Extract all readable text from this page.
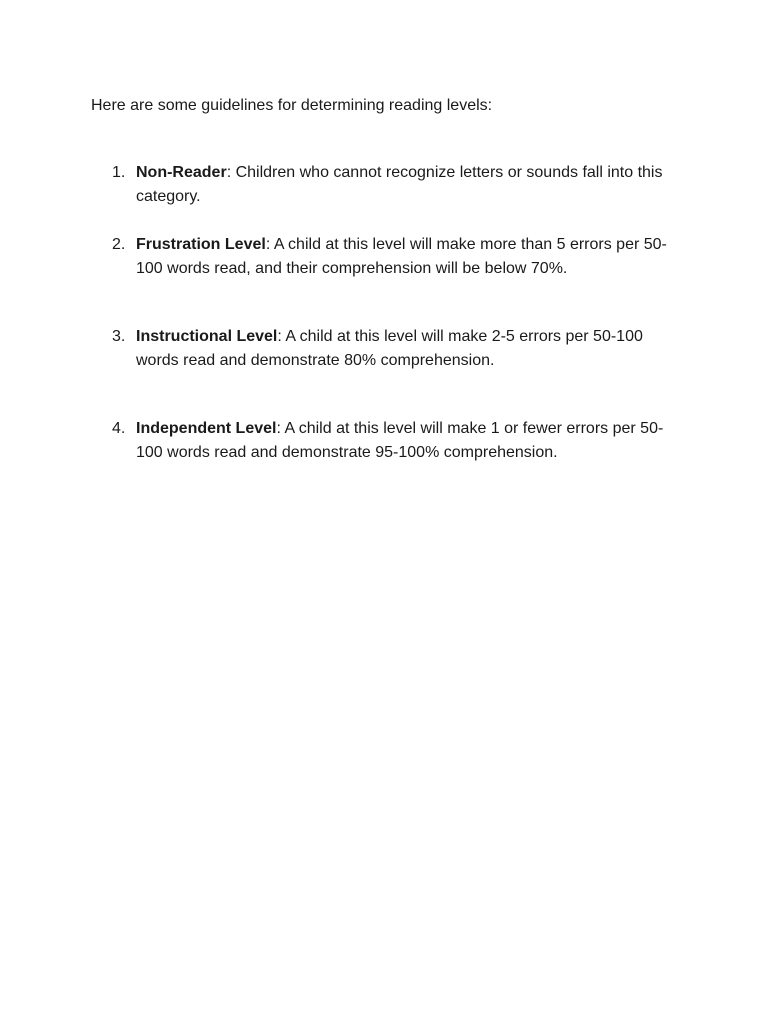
Here are some guidelines for determining reading levels:

1. Non-Reader: Children who cannot recognize letters or sounds fall into this category.
2. Frustration Level: A child at this level will make more than 5 errors per 50-100 words read, and their comprehension will be below 70%.
3. Instructional Level: A child at this level will make 2-5 errors per 50-100 words read and demonstrate 80% comprehension.
4. Independent Level: A child at this level will make 1 or fewer errors per 50-100 words read and demonstrate 95-100% comprehension.
